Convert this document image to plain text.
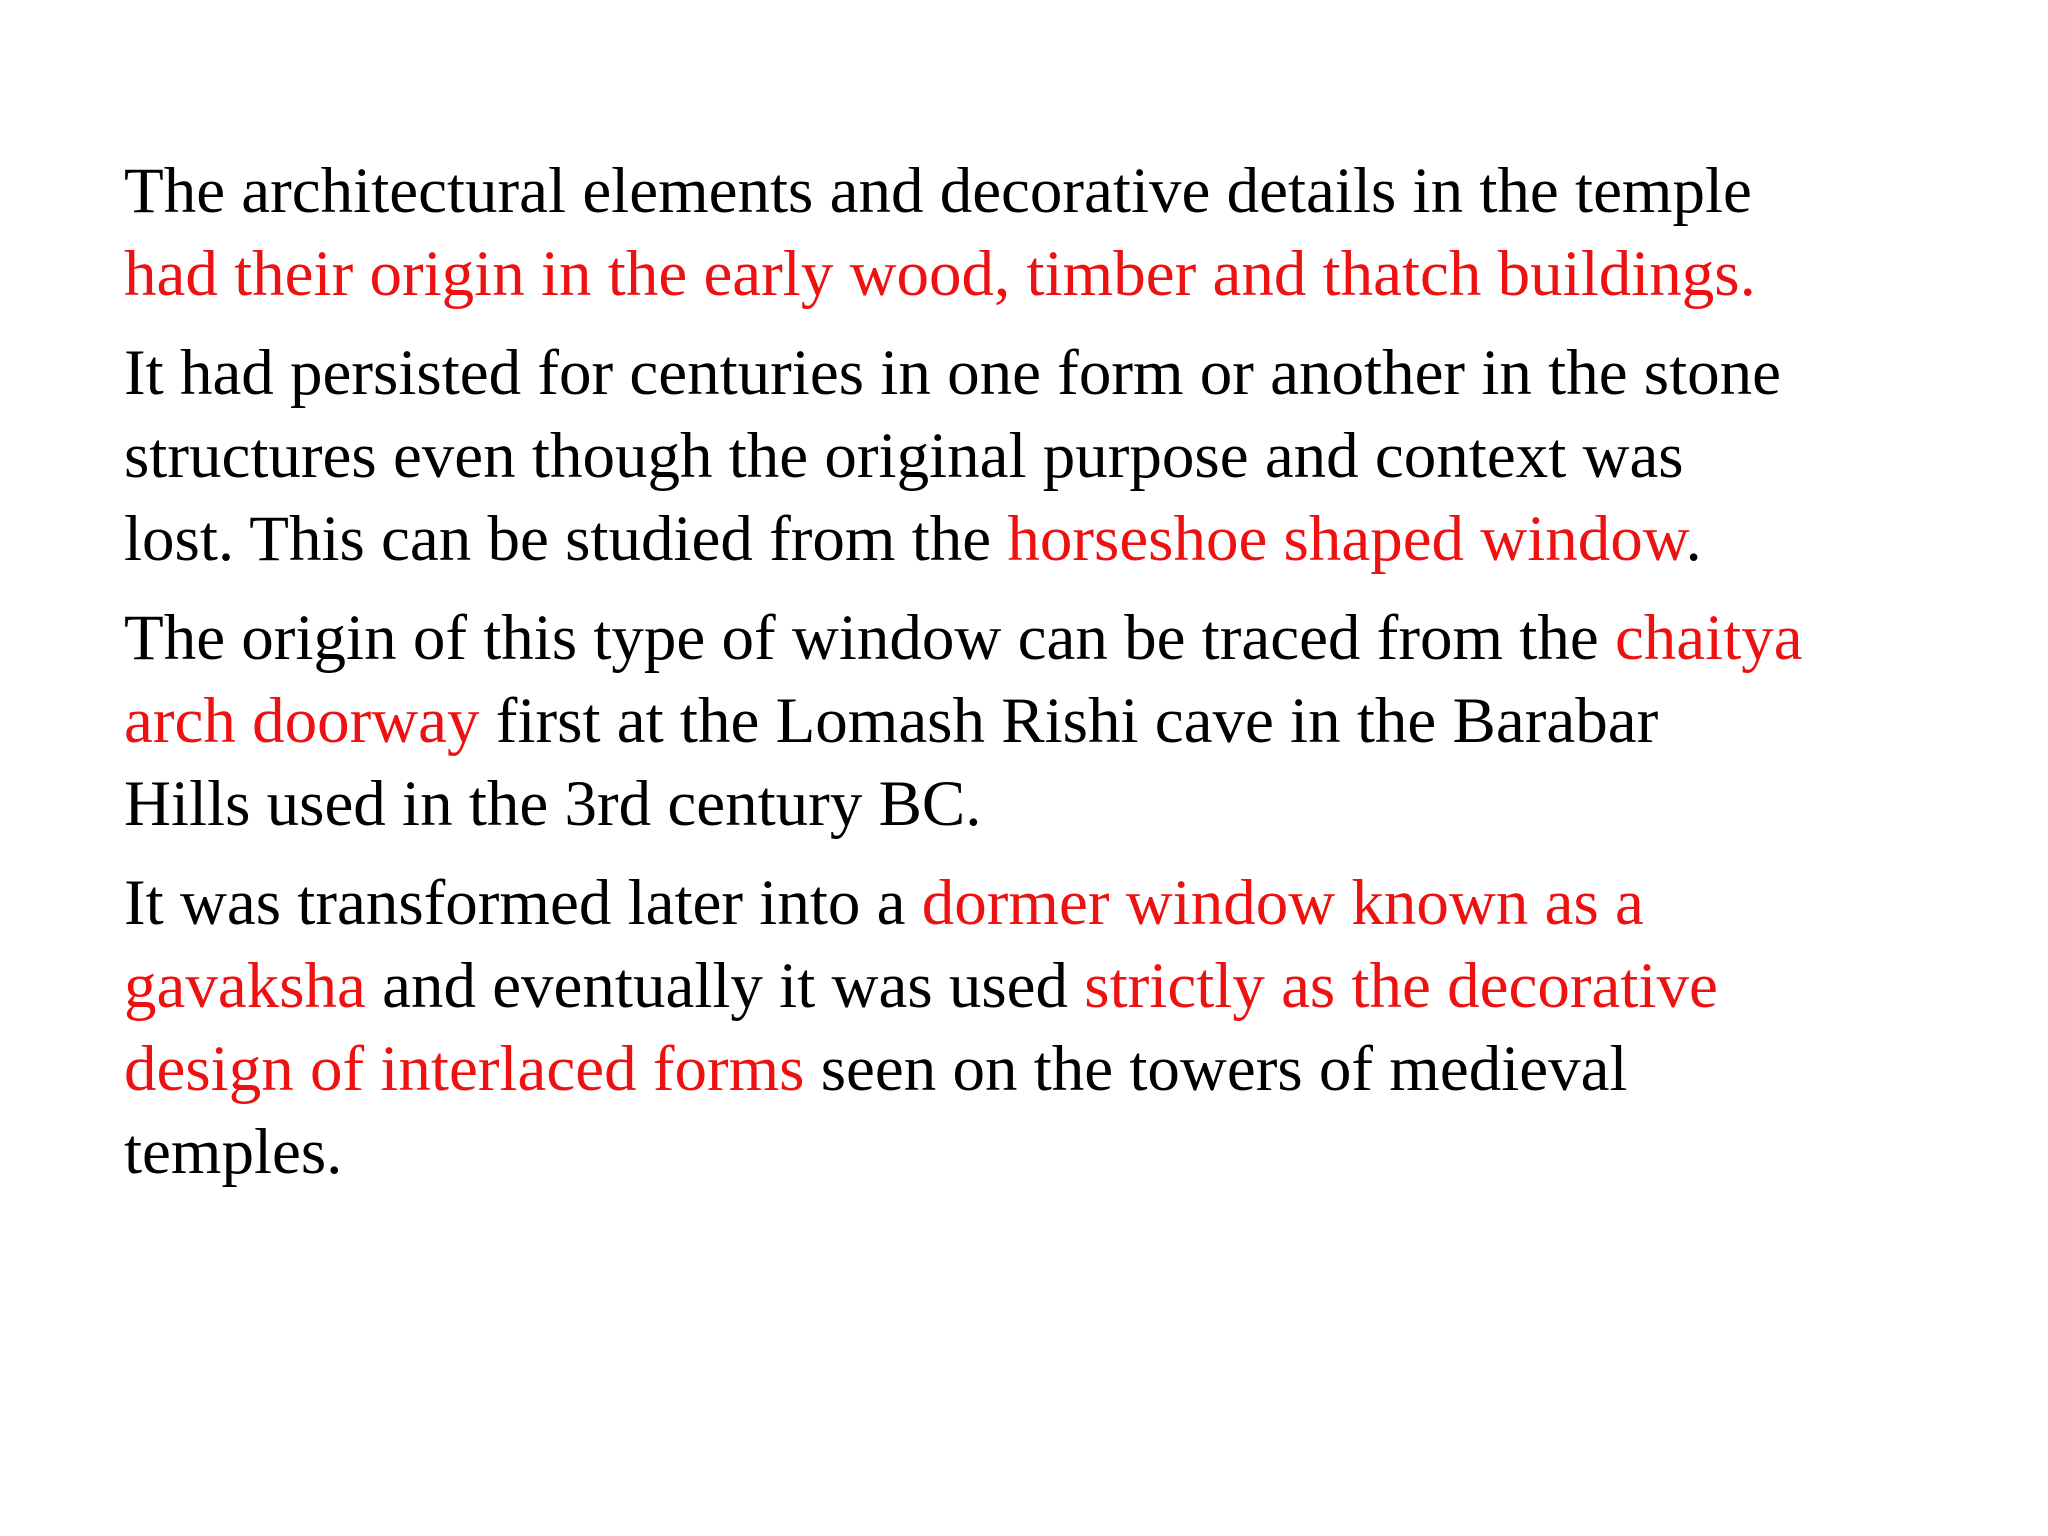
The architectural elements and decorative details in the temple
had their origin in the early wood, timber and thatch buildings.
It had persisted for centuries in one form or another in the stone
structures even though the original purpose and context was
lost. This can be studied from the horseshoe shaped window.
The origin of this type of window can be traced from the chaitya
arch doorway first at the Lomash Rishi cave in the Barabar
Hills used in the 3rd century BC.
It was transformed later into a dormer window known as a
gavaksha and eventually it was used strictly as the decorative
design of interlaced forms seen on the towers of medieval
temples.
